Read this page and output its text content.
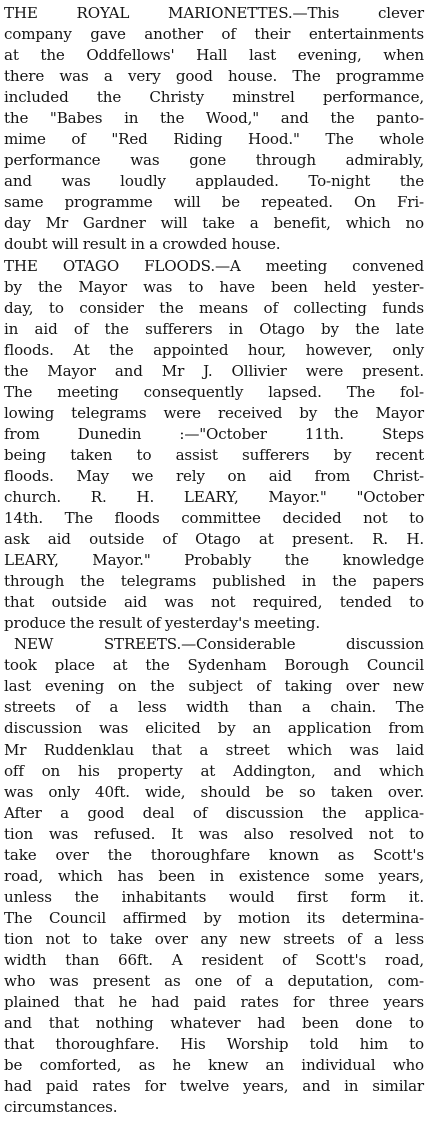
THE ROYAL MARIONETTES.—This clever
company gave another of their entertainments
at the Oddfellows' Hall last evening, when
there was a very good house. The programme
included the Christy minstrel performance,
the "Babes in the Wood," and the panto-
mime of "Red Riding Hood." The whole
performance was gone through admirably,
and was loudly applauded. To-night the
same programme will be repeated. On Fri-
day Mr Gardner will take a benefit, which no
doubt will result in a crowded house.
THE OTAGO FLOODS.—A meeting convened
by the Mayor was to have been held yester-
day, to consider the means of collecting funds
in aid of the sufferers in Otago by the late
floods. At the appointed hour, however, only
the Mayor and Mr J. Ollivier were present.
The meeting consequently lapsed. The fol-
lowing telegrams were received by the Mayor
from Dunedin :—"October 11th. Steps
being taken to assist sufferers by recent
floods. May we rely on aid from Christ-
church. R. H. LEARY, Mayor." "October
14th. The floods committee decided not to
ask aid outside of Otago at present. R. H.
LEARY, Mayor." Probably the knowledge
through the telegrams published in the papers
that outside aid was not required, tended to
produce the result of yesterday's meeting.
NEW STREETS.—Considerable discussion
took place at the Sydenham Borough Council
last evening on the subject of taking over new
streets of a less width than a chain. The
discussion was elicited by an application from
Mr Ruddenklau that a street which was laid
off on his property at Addington, and which
was only 40ft. wide, should be so taken over.
After a good deal of discussion the applica-
tion was refused. It was also resolved not to
take over the thoroughfare known as Scott's
road, which has been in existence some years,
unless the inhabitants would first form it.
The Council affirmed by motion its determina-
tion not to take over any new streets of a less
width than 66ft. A resident of Scott's road,
who was present as one of a deputation, com-
plained that he had paid rates for three years
and that nothing whatever had been done to
that thoroughfare. His Worship told him to
be comforted, as he knew an individual who
had paid rates for twelve years, and in similar
circumstances.
